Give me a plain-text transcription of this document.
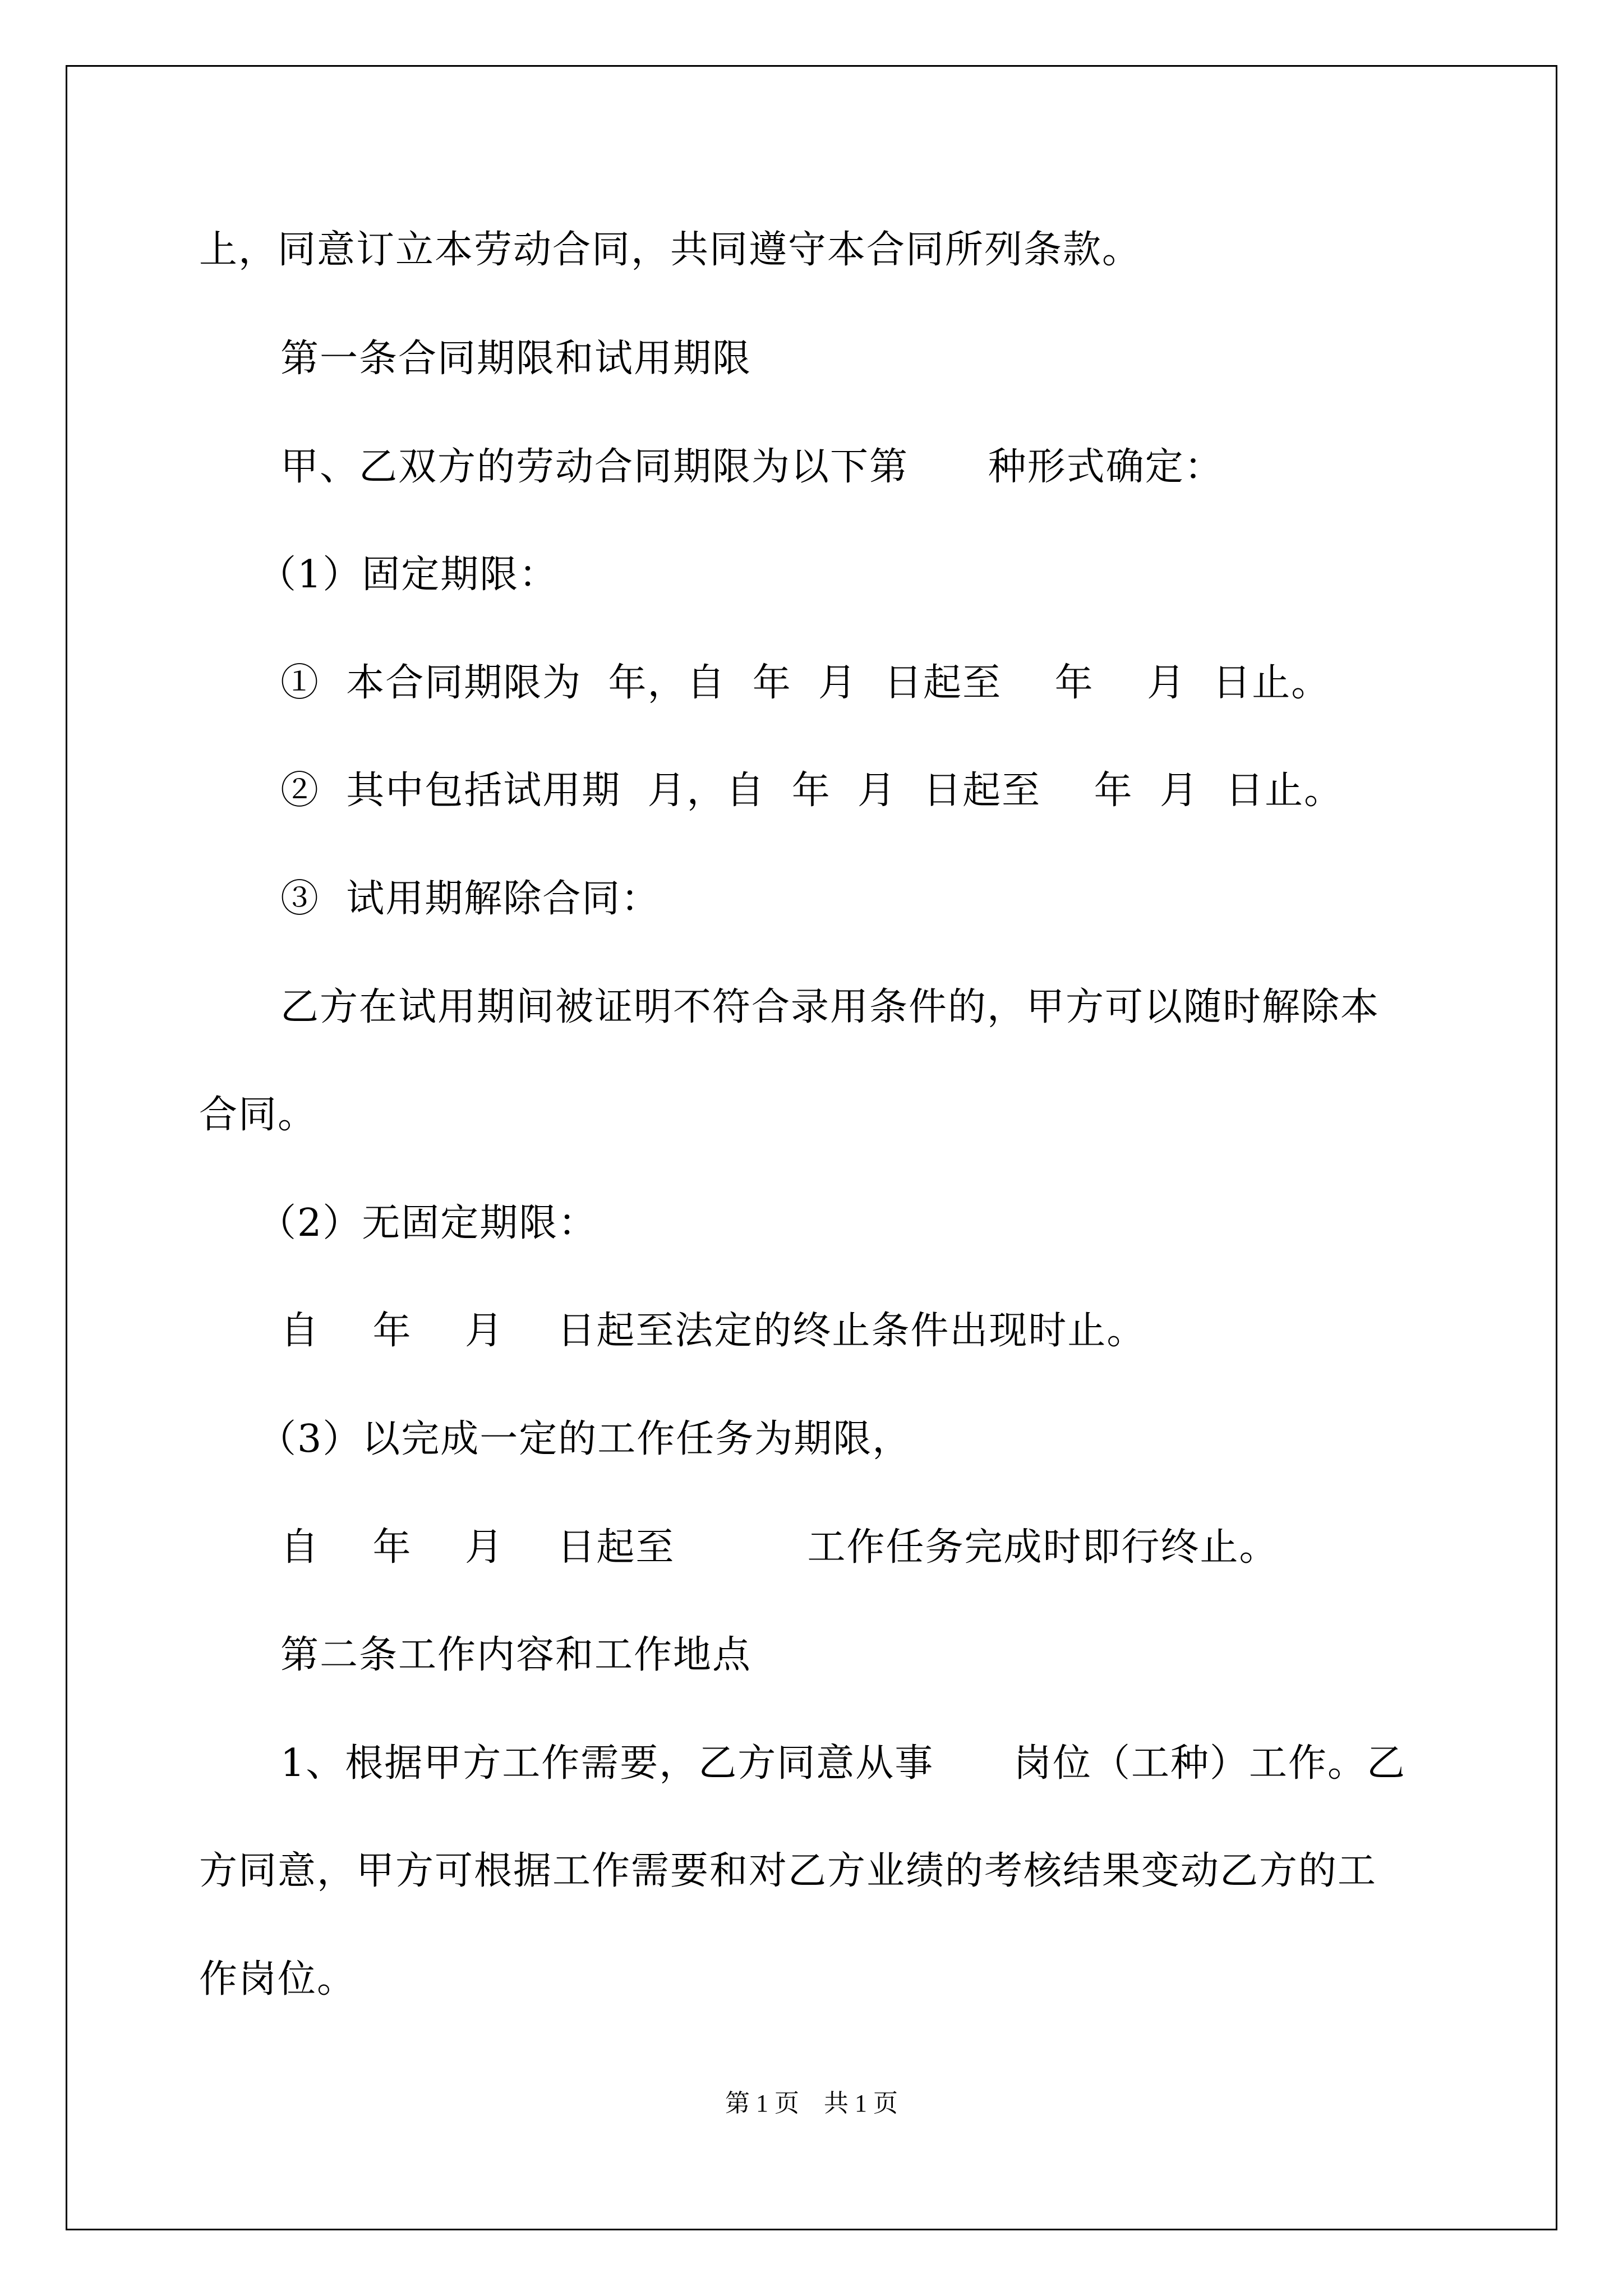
上，同意订立本劳动合同，共同遵守本合同所列条款。
第一条合同期限和试用期限
甲、乙双方的劳动合同期限为以下第      种形式确定：
（1）固定期限：
①  本合同期限为  年，自  年  月  日起至    年    月  日止。
②  其中包括试用期  月，自  年  月  日起至    年  月  日止。
③  试用期解除合同：
乙方在试用期间被证明不符合录用条件的，甲方可以随时解除本
合同。
（2）无固定期限：
自    年    月    日起至法定的终止条件出现时止。
（3）以完成一定的工作任务为期限，
自    年    月    日起至          工作任务完成时即行终止。
第二条工作内容和工作地点
1、根据甲方工作需要，乙方同意从事      岗位（工种）工作。乙
方同意，甲方可根据工作需要和对乙方业绩的考核结果变动乙方的工
作岗位。
第 1 页    共 1 页
